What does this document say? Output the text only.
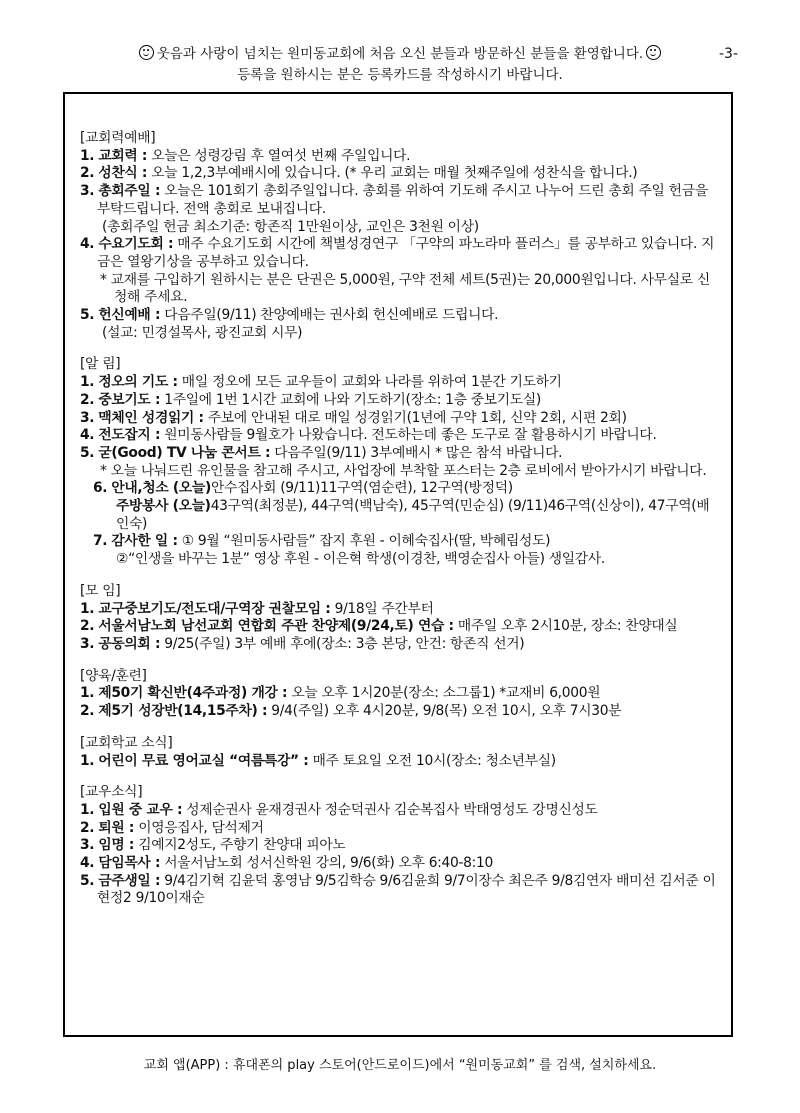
웃음과 사랑이 넘치는 원미동교회에 처음 오신 분들과 방문하신 분들을 환영합니다.
등록을 원하시는 분은 등록카드를 작성하시기 바랍니다.
-3-
[교회력예배]
1. 교회력 : 오늘은 성령강림 후 열여섯 번째 주일입니다.
2. 성찬식 : 오늘 1,2,3부예배시에 있습니다. (* 우리 교회는 매월 첫째주일에 성찬식을 합니다.)
3. 총회주일 : 오늘은 101회기 총회주일입니다. 총회를 위하여 기도해 주시고 나누어 드린 총회 주일 헌금을 부탁드립니다. 전액 총회로 보내집니다.
(총회주일 헌금 최소기준: 항존직 1만원이상, 교인은 3천원 이상)
4. 수요기도회 : 매주 수요기도회 시간에 책별성경연구 「구약의 파노라마 플러스」를 공부하고 있습니다. 지금은 열왕기상을 공부하고 있습니다.
* 교재를 구입하기 원하시는 분은 단권은 5,000원, 구약 전체 세트(5권)는 20,000원입니다. 사무실로 신청해 주세요.
5. 헌신예배 : 다음주일(9/11) 찬양예배는 권사회 헌신예배로 드립니다.
(설교: 민경설목사, 광진교회 시무)
[알 림]
1. 정오의 기도 : 매일 정오에 모든 교우들이 교회와 나라를 위하여 1분간 기도하기
2. 중보기도 : 1주일에 1번 1시간 교회에 나와 기도하기(장소: 1층 중보기도실)
3. 맥체인 성경읽기 : 주보에 안내된 대로 매일 성경읽기(1년에 구약 1회, 신약 2회, 시편 2회)
4. 전도잡지 : 원미동사람들 9월호가 나왔습니다. 전도하는데 좋은 도구로 잘 활용하시기 바랍니다.
5. 굳(Good) TV 나눔 콘서트 : 다음주일(9/11) 3부예배시 * 많은 참석 바랍니다.
* 오늘 나눠드린 유인물을 참고해 주시고, 사업장에 부착할 포스터는 2층 로비에서 받아가시기 바랍니다.
6. 안내,청소 (오늘)안수집사회 (9/11)11구역(염순련), 12구역(방정덕)
주방봉사 (오늘)43구역(최정분), 44구역(백남숙), 45구역(민순심) (9/11)46구역(신상이), 47구역(배인숙)
7. 감사한 일 : ① 9월 “원미동사람들” 잡지 후원 - 이혜숙집사(딸, 박혜림성도)
②“인생을 바꾸는 1분” 영상 후원 - 이은혁 학생(이경찬, 백영순집사 아들) 생일감사.
[모 임]
1. 교구중보기도/전도대/구역장 권찰모임 : 9/18일 주간부터
2. 서울서남노회 남선교회 연합회 주관 찬양제(9/24,토) 연습 : 매주일 오후 2시10분, 장소: 찬양대실
3. 공동의회 : 9/25(주일) 3부 예배 후에(장소: 3층 본당, 안건: 항존직 선거)
[양육/훈련]
1. 제50기 확신반(4주과정) 개강 : 오늘 오후 1시20분(장소: 소그룹1) *교재비 6,000원
2. 제5기 성장반(14,15주차) : 9/4(주일) 오후 4시20분, 9/8(목) 오전 10시, 오후 7시30분
[교회학교 소식]
1. 어린이 무료 영어교실 “여름특강” : 매주 토요일 오전 10시(장소: 청소년부실)
[교우소식]
1. 입원 중 교우 : 성제순권사 윤재경권사 정순덕권사 김순복집사 박태영성도 강명신성도
2. 퇴원 : 이영응집사, 담석제거
3. 임명 : 김예지2성도, 주향기 찬양대 피아노
4. 담임목사 : 서울서남노회 성서신학원 강의, 9/6(화) 오후 6:40-8:10
5. 금주생일 : 9/4김기혁 김윤덕 홍영남 9/5김학승 9/6김윤희 9/7이장수 최은주 9/8김연자 배미선 김서준 이현정2 9/10이재순
교회 앱(APP) : 휴대폰의 play 스토어(안드로이드)에서 “원미동교회” 를 검색, 설치하세요.
